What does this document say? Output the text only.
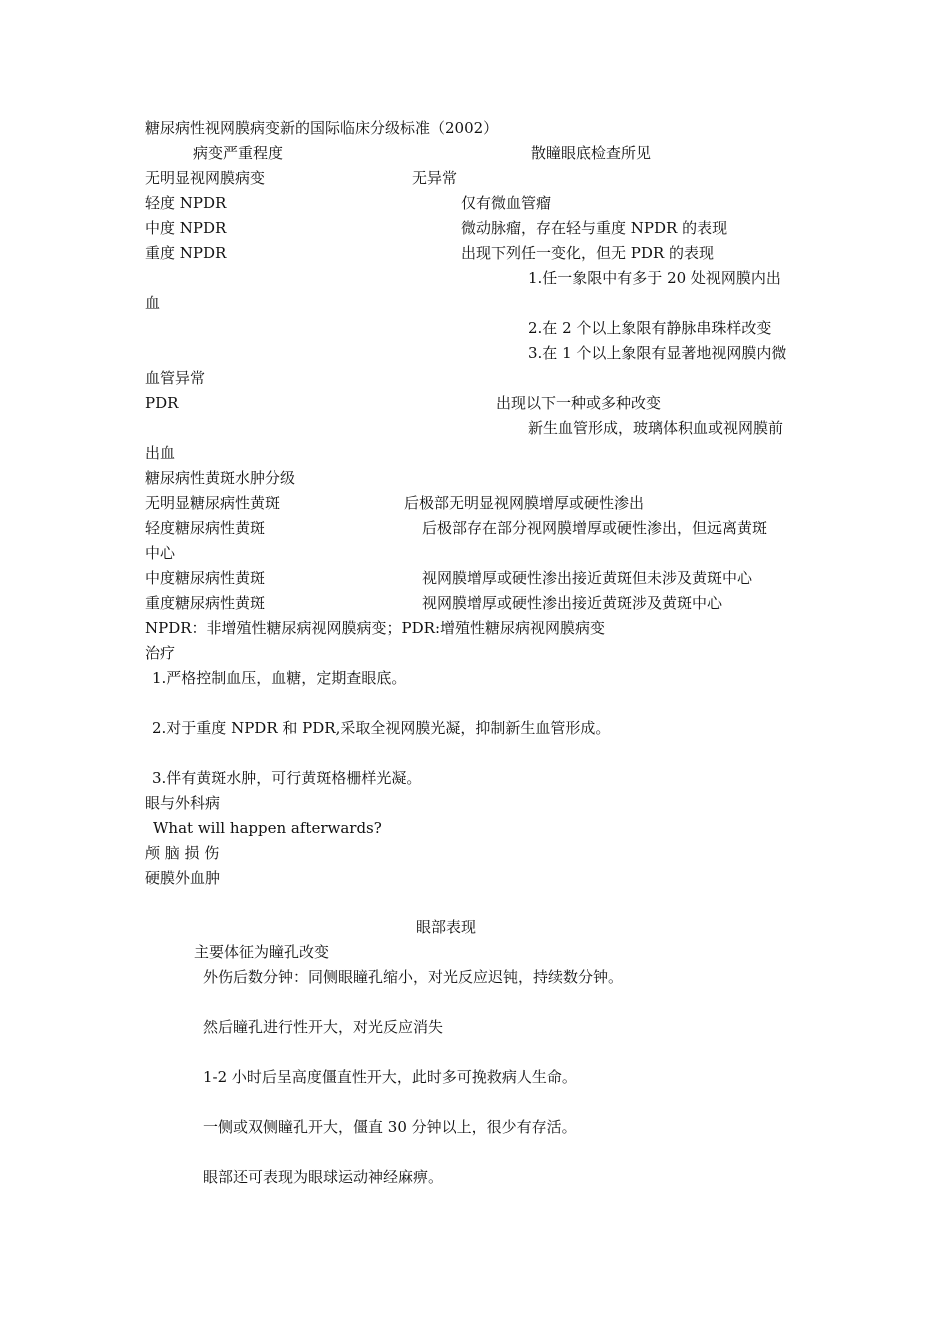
糖尿病性视网膜病变新的国际临床分级标准（2002）
病变严重程度	散瞳眼底检查所见
无明显视网膜病变	无异常
轻度 NPDR	仅有微血管瘤
中度 NPDR	微动脉瘤，存在轻与重度 NPDR 的表现
重度 NPDR	出现下列任一变化，但无 PDR 的表现
1.任一象限中有多于 20 处视网膜内出
血
2.在 2 个以上象限有静脉串珠样改变
3.在 1 个以上象限有显著地视网膜内微
血管异常
PDR	出现以下一种或多种改变
新生血管形成，玻璃体积血或视网膜前
出血
糖尿病性黄斑水肿分级
无明显糖尿病性黄斑	后极部无明显视网膜增厚或硬性渗出
轻度糖尿病性黄斑	后极部存在部分视网膜增厚或硬性渗出，但远离黄斑
中心
中度糖尿病性黄斑	视网膜增厚或硬性渗出接近黄斑但未涉及黄斑中心
重度糖尿病性黄斑	视网膜增厚或硬性渗出接近黄斑涉及黄斑中心
NPDR：非增殖性糖尿病视网膜病变；PDR:增殖性糖尿病视网膜病变
治疗
1.严格控制血压，血糖，定期查眼底。
2.对于重度 NPDR 和 PDR,采取全视网膜光凝，抑制新生血管形成。
3.伴有黄斑水肿，可行黄斑格栅样光凝。
眼与外科病
What will happen afterwards?
颅 脑 损 伤
硬膜外血肿
眼部表现
主要体征为瞳孔改变
外伤后数分钟：同侧眼瞳孔缩小，对光反应迟钝，持续数分钟。
然后瞳孔进行性开大，对光反应消失
1-2 小时后呈高度僵直性开大，此时多可挽救病人生命。
一侧或双侧瞳孔开大，僵直 30 分钟以上，很少有存活。
眼部还可表现为眼球运动神经麻痹。
